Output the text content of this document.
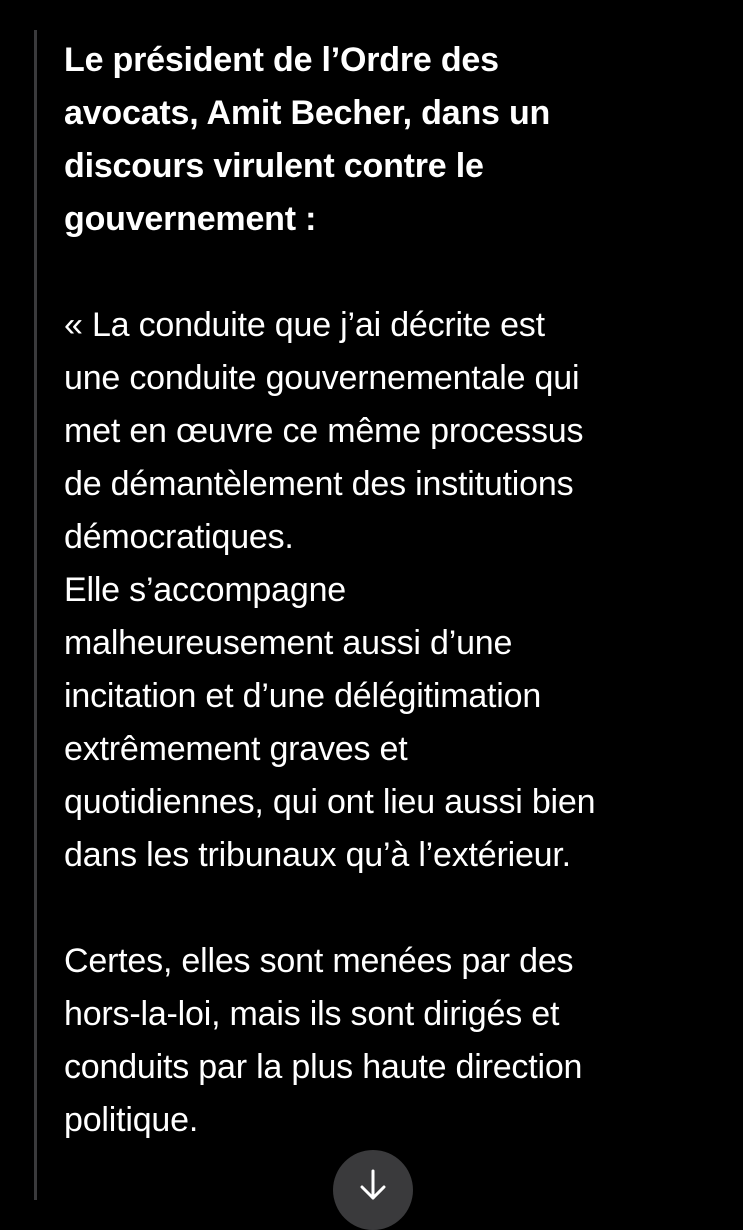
Le président de l’Ordre des
avocats, Amit Becher, dans un
discours virulent contre le
gouvernement :
« La conduite que j’ai décrite est
une conduite gouvernementale qui
met en œuvre ce même processus
de démantèlement des institutions
démocratiques.
Elle s’accompagne
malheureusement aussi d’une
incitation et d’une délégitimation
extrêmement graves et
quotidiennes, qui ont lieu aussi bien
dans les tribunaux qu’à l’extérieur.
Certes, elles sont menées par des
hors-la-loi, mais ils sont dirigés et
conduits par la plus haute direction
politique.
